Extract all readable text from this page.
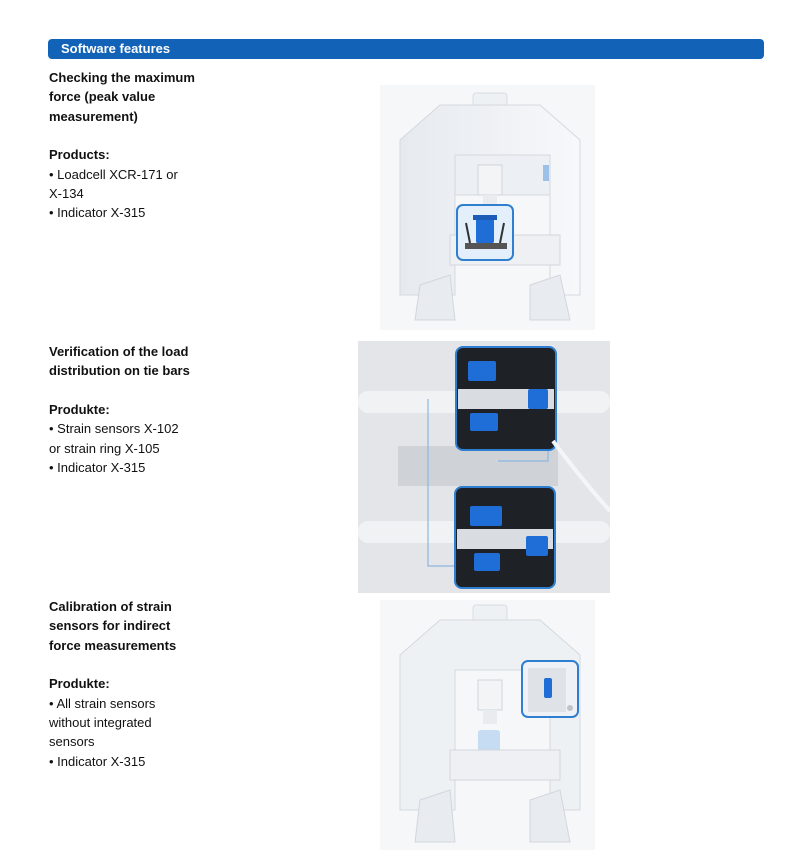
Software features
Checking the maximum
force (peak value
measurement)
Products:
• Loadcell XCR-171 or
X-134
• Indicator X-315
Verification of the load
distribution on tie bars
Produkte:
• Strain sensors X-102
or strain ring X-105
• Indicator X-315
Calibration of strain
sensors for indirect
force measurements
Produkte:
• All strain sensors
without integrated
sensors
• Indicator X-315
